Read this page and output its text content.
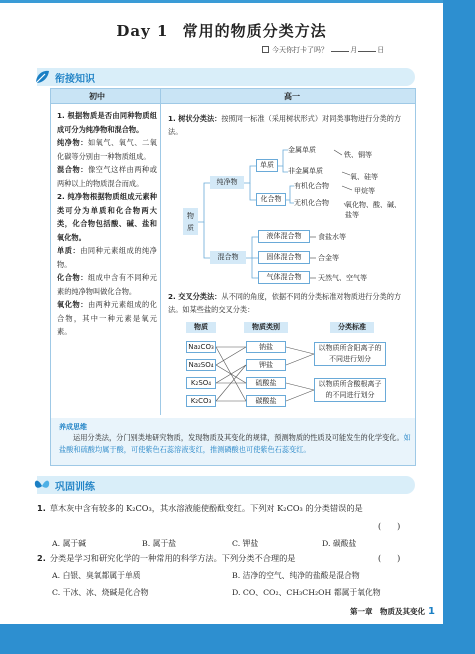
Day 1 常用的物质分类方法
今天你打卡了吗？	月	日
衔接知识
初中	高一

1. 根据物质是否由同种物质组成可分为纯净物和混合物。

纯净物：如氧气、氧气、二氧化碳等分别由一种物质组成。

混合物：像空气这样由两种或两种以上的物质混合而成。

2. 纯净物根据物质组成元素种类可分为单质和化合物两大类，化合物包括酸、碱、盐和氧化物。

单质：由同种元素组成的纯净物。

化合物：组成中含有不同种元素的纯净物叫做化合物。

氧化物：由两种元素组成的化合物，其中一种元素是氧元素。

1. 树状分类法：按照同一标准（采用树状形式）对同类事物进行分类的方法。
物质
纯净物
混合物
单质
化合物
金属单质
铁、铜等
非金属单质
氧、硅等
有机化合物
甲烷等
无机化合物 氧化物、酸、碱、盐等
液体混合物	食盐水等
固体混合物	合金等
气体混合物	天然气、空气等
2. 交叉分类法：从不同的角度，依据不同的分类标准对物质进行分类的方法。如某些盐的交叉分类：
物质	物质类别	分类标准
Na₂CO₃
Na₂SO₄
K₂SO₄
K₂CO₃
钠盐
钾盐
硫酸盐
碳酸盐
以物质所含阳离子的不同进行划分
以物质所含酸根离子的不同进行划分
养成思维
运用分类法，分门别类地研究物质，发现物质及其变化的规律，预测物质的性质及可能发生的化学变化。如盐酸和硫酸均属于酸，可使紫色石蕊溶液变红，推测磷酸也可使紫色石蕊变红。
巩固训练
1. 草木灰中含有较多的 K₂CO₃，其水溶液能使酚酞变红。下列对 K₂CO₃ 的分类错误的是
(　　)
A. 属于碱	B. 属于盐	C. 钾盐	D. 碳酸盐
2. 分类是学习和研究化学的一种常用的科学方法。下列分类不合理的是	(　　)
A. 白银、臭氧都属于单质	B. 洁净的空气、纯净的盐酸是混合物
C. 干冰、冰、烧碱是化合物	D. CO、CO₂、CH₃CH₂OH 都属于氧化物
第一章　物质及其变化 1
